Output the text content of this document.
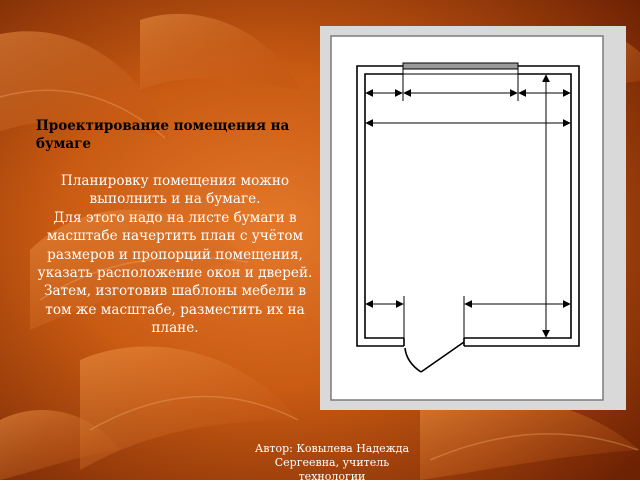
Проектирование помещения на бумаге
Планировку помещения можно выполнить и на бумаге.
Для этого надо на листе бумаги в масштабе начертить план с учётом размеров и пропорций помещения, указать расположение окон и дверей.
Затем, изготовив шаблоны мебели в том же масштабе, разместить их на плане.
Автор: Ковылева Надежда
Сергеевна, учитель
технологии
